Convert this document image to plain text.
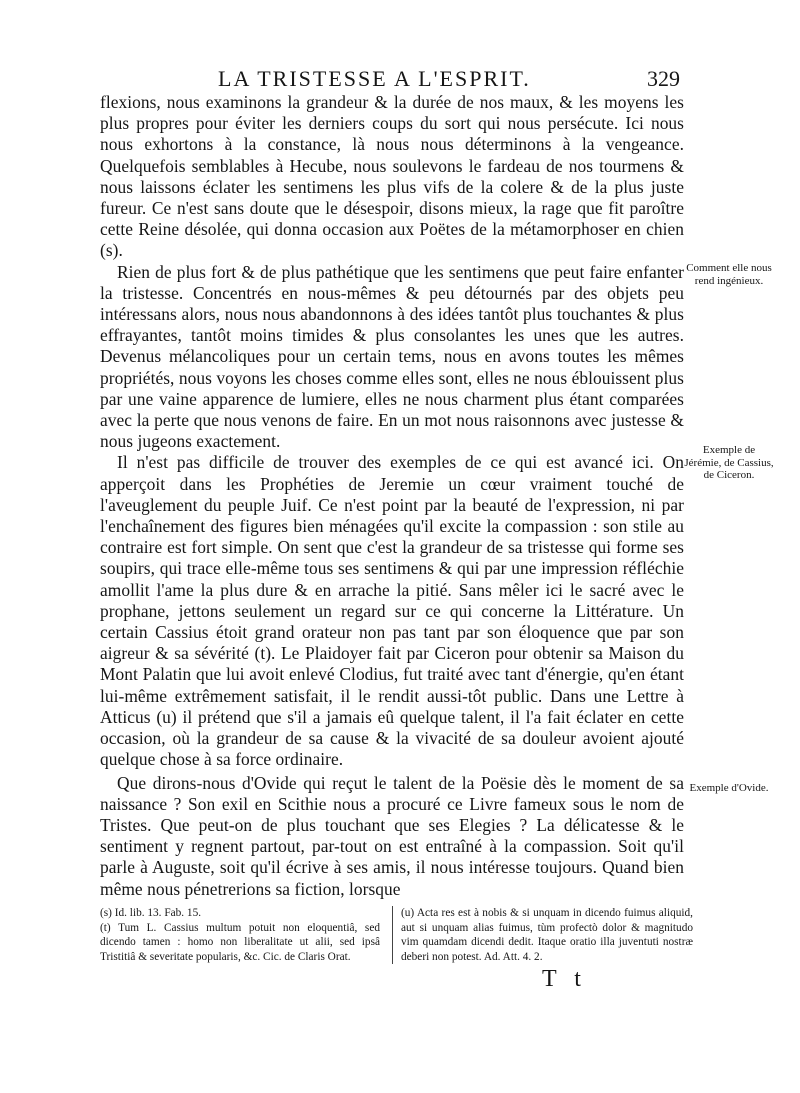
LA TRISTESSE A L'ESPRIT.	329

flexions, nous examinons la grandeur & la durée de nos maux, & les moyens les plus propres pour éviter les derniers coups du sort qui nous persécute. Ici nous nous exhortons à la constance, là nous nous déterminons à la vengeance. Quelquefois semblables à Hecube, nous soulevons le fardeau de nos tourmens & nous laissons éclater les sentimens les plus vifs de la colere & de la plus juste fureur. Ce n'est sans doute que le désespoir, disons mieux, la rage que fit paroître cette Reine désolée, qui donna occasion aux Poëtes de la métamorphoser en chien (s).

Rien de plus fort & de plus pathétique que les sentimens que peut faire enfanter la tristesse. Concentrés en nous-mêmes & peu détournés par des objets peu intéressans alors, nous nous abandonnons à des idées tantôt plus touchantes & plus effrayantes, tantôt moins timides & plus consolantes les unes que les autres. Devenus mélancoliques pour un certain tems, nous en avons toutes les mêmes propriétés, nous voyons les choses comme elles sont, elles ne nous éblouissent plus par une vaine apparence de lumiere, elles ne nous charment plus étant comparées avec la perte que nous venons de faire. En un mot nous raisonnons avec justesse & nous jugeons exactement.

Il n'est pas difficile de trouver des exemples de ce qui est avancé ici. On apperçoit dans les Prophéties de Jeremie un cœur vraiment touché de l'aveuglement du peuple Juif. Ce n'est point par la beauté de l'expression, ni par l'enchaînement des figures bien ménagées qu'il excite la compassion : son stile au contraire est fort simple. On sent que c'est la grandeur de sa tristesse qui forme ses soupirs, qui trace elle-même tous ses sentimens & qui par une impression réfléchie amollit l'ame la plus dure & en arrache la pitié. Sans mêler ici le sacré avec le prophane, jettons seulement un regard sur ce qui concerne la Littérature. Un certain Cassius étoit grand orateur non pas tant par son éloquence que par son aigreur & sa sévérité (t). Le Plaidoyer fait par Ciceron pour obtenir sa Maison du Mont Palatin que lui avoit enlevé Clodius, fut traité avec tant d'énergie, qu'en étant lui-même extrêmement satisfait, il le rendit aussi-tôt public. Dans une Lettre à Atticus (u) il prétend que s'il a jamais eû quelque talent, il l'a fait éclater en cette occasion, où la grandeur de sa cause & la vivacité de sa douleur avoient ajouté quelque chose à sa force ordinaire.

Que dirons-nous d'Ovide qui reçut le talent de la Poësie dès le moment de sa naissance ? Son exil en Scithie nous a procuré ce Livre fameux sous le nom de Tristes. Que peut-on de plus touchant que ses Elegies ? La délicatesse & le sentiment y regnent partout, par-tout on est entraîné à la compassion. Soit qu'il parle à Auguste, soit qu'il écrive à ses amis, il nous intéresse toujours. Quand bien même nous pénetrerions sa fiction, lorsque

Comment elle nous rend ingénieux.
Exemple de Jérémie, de Cassius, de Ciceron.
Exemple d'Ovide.

(s) Id. lib. 13. Fab. 15.

(t) Tum L. Cassius multum potuit non eloquentiâ, sed dicendo tamen : homo non liberalitate ut alii, sed ipsâ Tristitiâ & severitate popularis, &c. Cic. de Claris Orat.

(u) Acta res est à nobis & si unquam in dicendo fuimus aliquid, aut si unquam alias fuimus, tùm profectò dolor & magnitudo vim quamdam dicendi dedit. Itaque oratio illa juventuti nostræ deberi non potest. Ad. Att. 4. 2.

T t
